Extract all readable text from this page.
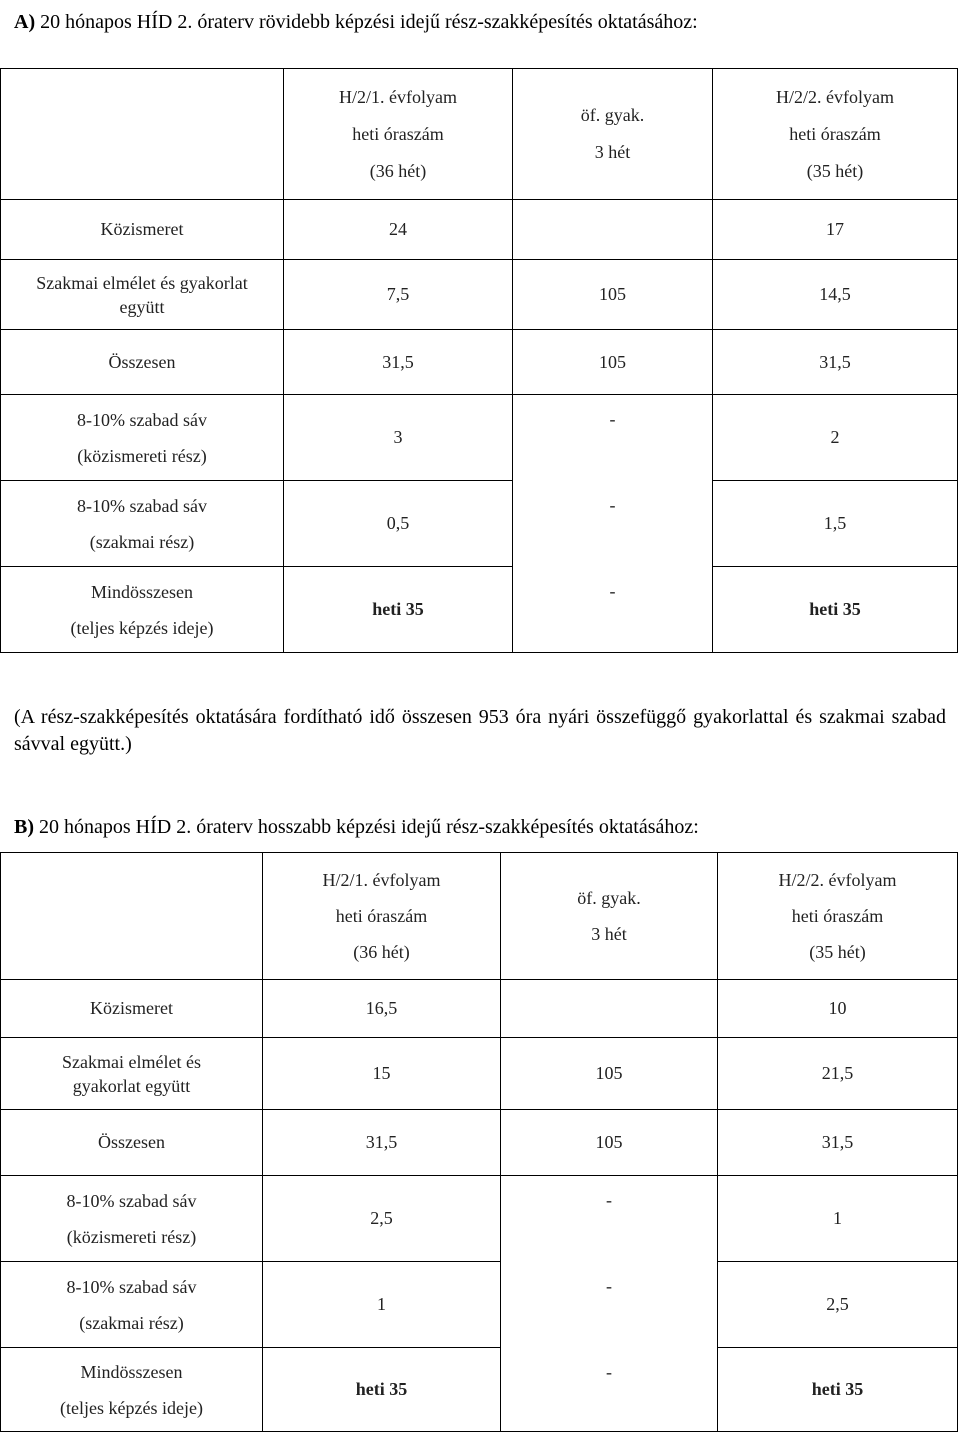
A) 20 hónapos HÍD 2. óraterv rövidebb képzési idejű rész-szakképesítés oktatásához:

	H/2/1. évfolyam
heti óraszám
(36 hét)	öf. gyak.
3 hét	H/2/2. évfolyam
heti óraszám
(35 hét)

Közismeret	24		17

Szakmai elmélet és gyakorlat
együtt	7,5	105	14,5
Összesen	31,5	105	31,5

8-10% szabad sáv
(közismereti rész)	3	-	2

8-10% szabad sáv
(szakmai rész)	0,5	-	1,5

Mindösszesen
(teljes képzés ideje)	heti 35	-	heti 35
(A rész-szakképesítés oktatására fordítható idő összesen 953 óra nyári összefüggő gyakorlattal és szakmai szabad sávval együtt.)
B) 20 hónapos HÍD 2. óraterv hosszabb képzési idejű rész-szakképesítés oktatásához:

	H/2/1. évfolyam
heti óraszám
(36 hét)	öf. gyak.
3 hét	H/2/2. évfolyam
heti óraszám
(35 hét)

Közismeret	16,5		10

Szakmai elmélet és
gyakorlat együtt	15	105	21,5
Összesen	31,5	105	31,5

8-10% szabad sáv
(közismereti rész)	2,5	-	1

8-10% szabad sáv
(szakmai rész)	1	-	2,5

Mindösszesen
(teljes képzés ideje)	heti 35	-	heti 35
